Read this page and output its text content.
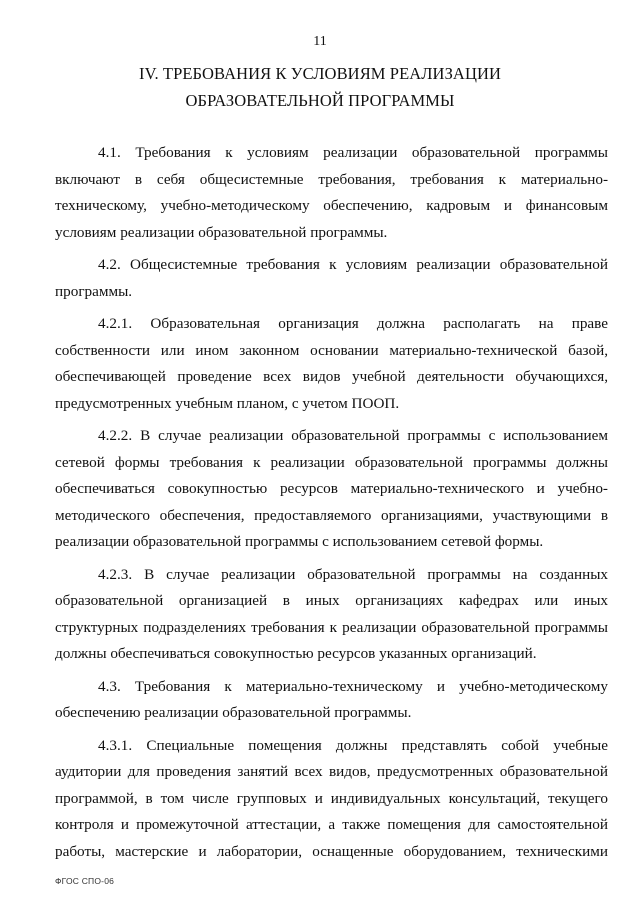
11
IV. ТРЕБОВАНИЯ К УСЛОВИЯМ РЕАЛИЗАЦИИ
ОБРАЗОВАТЕЛЬНОЙ ПРОГРАММЫ
4.1. Требования к условиям реализации образовательной программы
включают в себя общесистемные требования, требования к материально-
техническому, учебно-методическому обеспечению, кадровым и финансовым
условиям реализации образовательной программы.
4.2. Общесистемные требования к условиям реализации образовательной
программы.
4.2.1. Образовательная организация должна располагать на праве
собственности или ином законном основании материально-технической базой,
обеспечивающей проведение всех видов учебной деятельности обучающихся,
предусмотренных учебным планом, с учетом ПООП.
4.2.2. В случае реализации образовательной программы с использованием
сетевой формы требования к реализации образовательной программы должны
обеспечиваться совокупностью ресурсов материально-технического и учебно-
методического обеспечения, предоставляемого организациями, участвующими в
реализации образовательной программы с использованием сетевой формы.
4.2.3. В случае реализации образовательной программы на созданных
образовательной организацией в иных организациях кафедрах или иных
структурных подразделениях требования к реализации образовательной программы
должны обеспечиваться совокупностью ресурсов указанных организаций.
4.3. Требования к материально-техническому и учебно-методическому
обеспечению реализации образовательной программы.
4.3.1. Специальные помещения должны представлять собой учебные
аудитории для проведения занятий всех видов, предусмотренных образовательной
программой, в том числе групповых и индивидуальных консультаций, текущего
контроля и промежуточной аттестации, а также помещения для самостоятельной
работы, мастерские и лаборатории, оснащенные оборудованием, техническими
ФГОС СПО-06
